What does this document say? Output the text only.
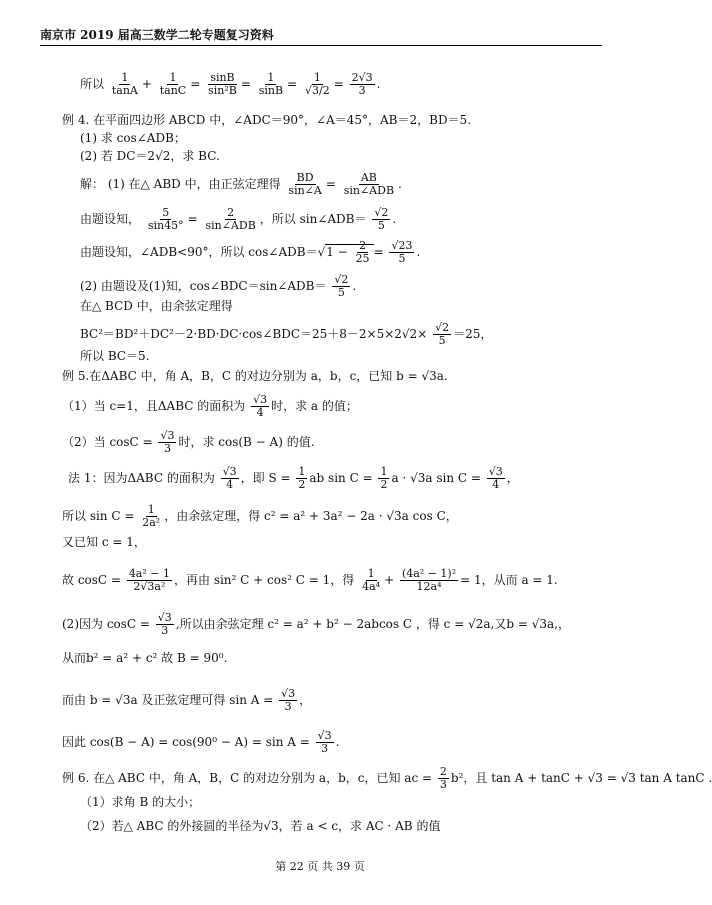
南京市 2019 届高三数学二轮专题复习资料
所以 $\frac{1}{\tan A} + \frac{1}{\tan C} = \frac{\sin B}{\text{sin²B}} = \frac{1}{\sin B} = \frac{1}{√3/2} = \frac{2√3}{3}$ .
例 4. 在平面四边形 ABCD 中，∠ADC＝90°，∠A＝45°，AB＝2，BD＝5.
(1) 求 cos∠ADB；
(2) 若 DC＝2√2，求 BC.
解： (1) 在△ ABD 中，由正弦定理得 $\frac{BD}{\sin\angle A} = \frac{AB}{\text{sin∠ADB}}$ .
由题设知， $\frac{5}{\sin 45^\circ} = \frac{2}{\text{sin∠ADB}}$ ，所以 sin∠ADB＝ $\frac{√2}{5}$ .
由题设知，∠ADB<90°，所以 cos∠ADB＝√1 − $\frac{2}{25} = \frac{√23}{5}$ .
(2) 由题设及(1)知，cos∠BDC＝sin∠ADB＝ $\frac{√2}{5}$ .
在△ BCD 中，由余弦定理得
BC²＝BD²＋DC²－2·BD·DC·cos∠BDC＝25＋8－2×5×2√2× $\frac{√2}{5} =25$，
所以 BC＝5.
例 5.在ΔABC 中，角 A，B，C 的对边分别为 a，b，c，已知 b = √3a.
（1）当 c=1，且ΔABC 的面积为 $\frac{√3}{4}$ 时，求 a 的值；
（2）当 $\cos C = \frac{√3}{3}$ 时，求 cos(B − A) 的值.
法 1：因为ΔABC 的面积为 $\frac{√3}{4}$ ，即 $S = \frac{1}{2}$ ab $\sin C = \frac{1}{2}$ a · √3a $\sin C = \frac{√3}{4}$ ，
所以 $\sin C = \frac{1}{\text{2a²}}$ ，由余弦定理，得 c² = a² + 3a² − 2a · √3a cos C，
又已知 c = 1，
故 $\cos C = \frac{\text{4a² − 1}}{\text{2√3a²}}$ ，再由 sin² C + cos² C = 1，得 $\frac{1}{\text{4a⁴}} + \frac{\text{(4a² − 1)²}}{\text{12a⁴}} = 1$，从而 a = 1.
(2)因为 $\cos C = \frac{√3}{3}$ ,所以由余弦定理 c² = a² + b² − 2abcos C ，得 c = √2a,又b = √3a,，
从而b² = a² + c² 故 B = 90⁰.
而由 b = √3a 及正弦定理可得 $\sin A = \frac{√3}{3}$ ，
因此 $\cos(B - A) = \cos(90^0 - A) = \sin A = \frac{√3}{3}$ .
例 6. 在△ ABC 中，角 A，B，C 的对边分别为 a，b，c，已知 ac = $\frac{2}{3} b^2$，且 tan A + tanC + √3 = √3 tan A tanC .
（1）求角 B 的大小；
（2）若△ ABC 的外接圆的半径为√3，若 a < c，求 AC · AB 的值
第 22 页 共 39 页
